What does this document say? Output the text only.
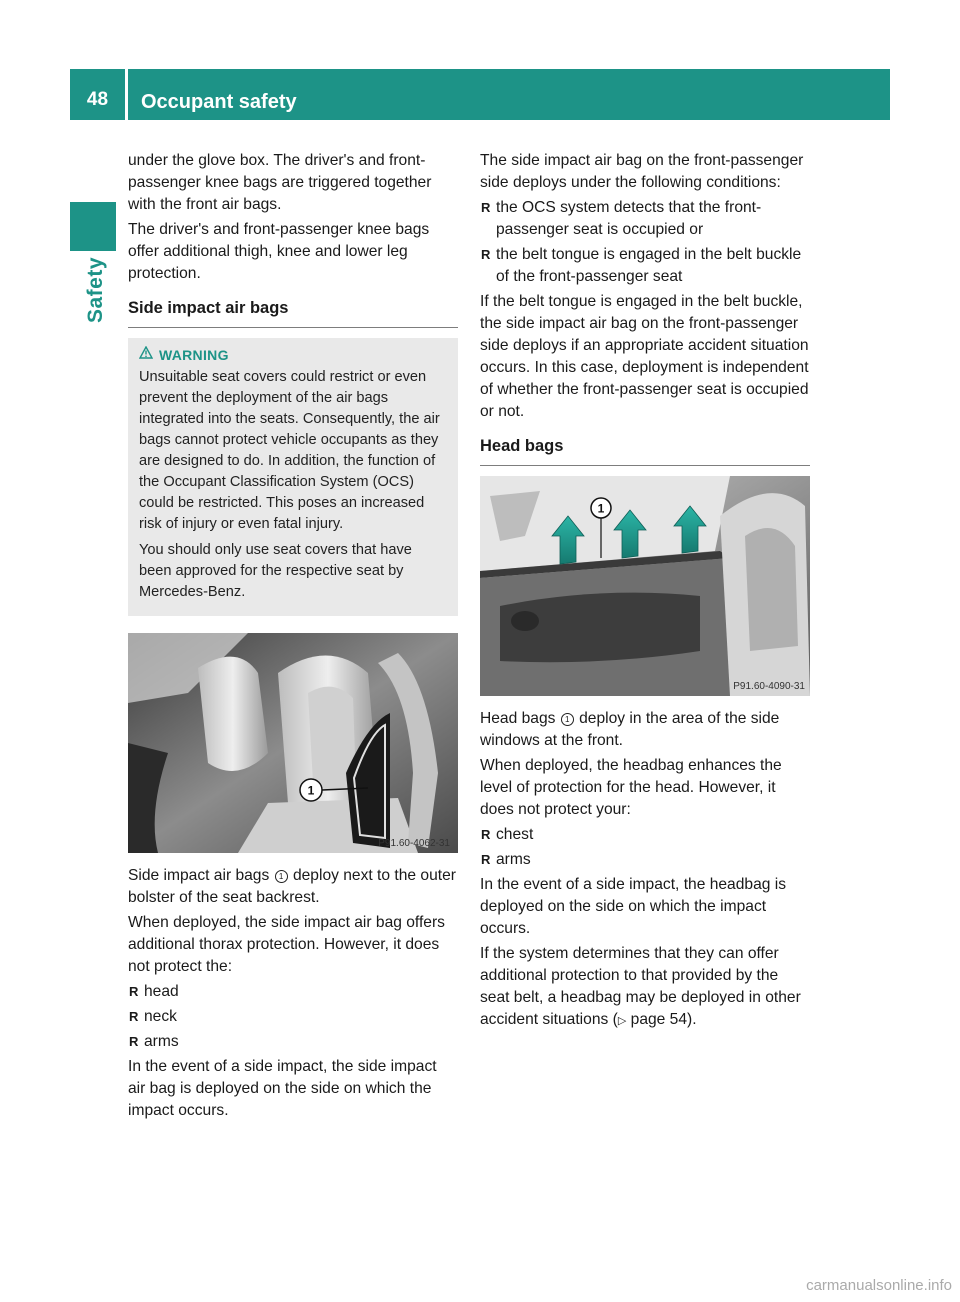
48	Occupant safety
Safety

under the glove box. The driver's and front-passenger knee bags are triggered together with the front air bags.

The driver's and front-passenger knee bags offer additional thigh, knee and lower leg protection.

Side impact air bags
WARNING

Unsuitable seat covers could restrict or even prevent the deployment of the air bags integrated into the seats. Consequently, the air bags cannot protect vehicle occupants as they are designed to do. In addition, the function of the Occupant Classification System (OCS) could be restricted. This poses an increased risk of injury or even fatal injury.

You should only use seat covers that have been approved for the respective seat by Mercedes-Benz.

1
P91.60-4062-31

Side impact air bags 1 deploy next to the outer bolster of the seat backrest.

When deployed, the side impact air bag offers additional thorax protection. However, it does not protect the:

R head
R neck
R arms

In the event of a side impact, the side impact air bag is deployed on the side on which the impact occurs.

The side impact air bag on the front-passenger side deploys under the following conditions:

R the OCS system detects that the front-passenger seat is occupied or
R the belt tongue is engaged in the belt buckle of the front-passenger seat

If the belt tongue is engaged in the belt buckle, the side impact air bag on the front-passenger side deploys if an appropriate accident situation occurs. In this case, deployment is independent of whether the front-passenger seat is occupied or not.

Head bags
1
P91.60-4090-31

Head bags 1 deploy in the area of the side windows at the front.

When deployed, the headbag enhances the level of protection for the head. However, it does not protect your:

R chest
R arms

In the event of a side impact, the headbag is deployed on the side on which the impact occurs.

If the system determines that they can offer additional protection to that provided by the seat belt, a headbag may be deployed in other accident situations (▷ page 54).

carmanualsonline.info
